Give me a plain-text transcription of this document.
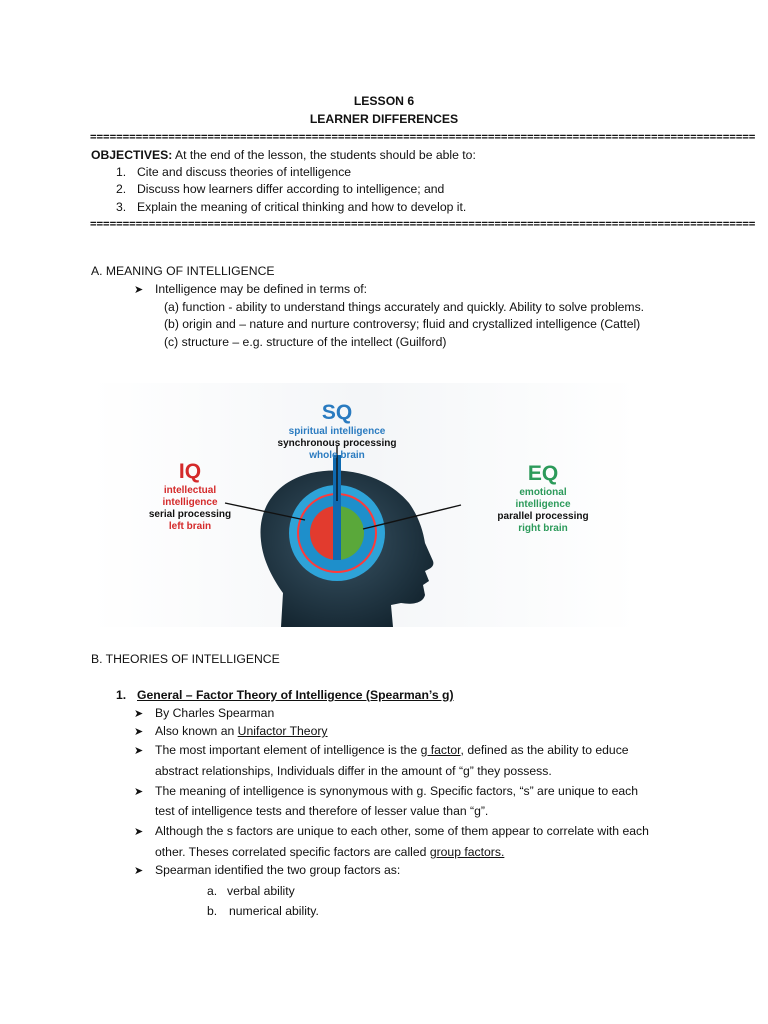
LESSON 6
LEARNER DIFFERENCES
======================================================================================================
OBJECTIVES: At the end of the lesson, the students should be able to:
1. Cite and discuss theories of intelligence
2. Discuss how learners differ according to intelligence; and
3. Explain the meaning of critical thinking and how to develop it.
======================================================================================================
A. MEANING OF INTELLIGENCE
➤ Intelligence may be defined in terms of:
(a) function - ability to understand things accurately and quickly. Ability to solve problems.
(b) origin and – nature and nurture controversy; fluid and crystallized intelligence (Cattel)
(c) structure – e.g. structure of the intellect (Guilford)
SQ
spiritual intelligence
synchronous processing
whole brain
IQ
intellectual
intelligence
serial processing
left brain
EQ
emotional
intelligence
parallel processing
right brain
B. THEORIES OF INTELLIGENCE
1. General – Factor Theory of Intelligence (Spearman’s g)
➤ By Charles Spearman
➤ Also known an Unifactor Theory
➤ The most important element of intelligence is the g factor, defined as the ability to educe
abstract relationships, Individuals differ in the amount of “g” they possess.
➤ The meaning of intelligence is synonymous with g. Specific factors, “s” are unique to each
test of intelligence tests and therefore of lesser value than “g”.
➤ Although the s factors are unique to each other, some of them appear to correlate with each
other. Theses correlated specific factors are called group factors.
➤ Spearman identified the two group factors as:
a. verbal ability
b. numerical ability.
